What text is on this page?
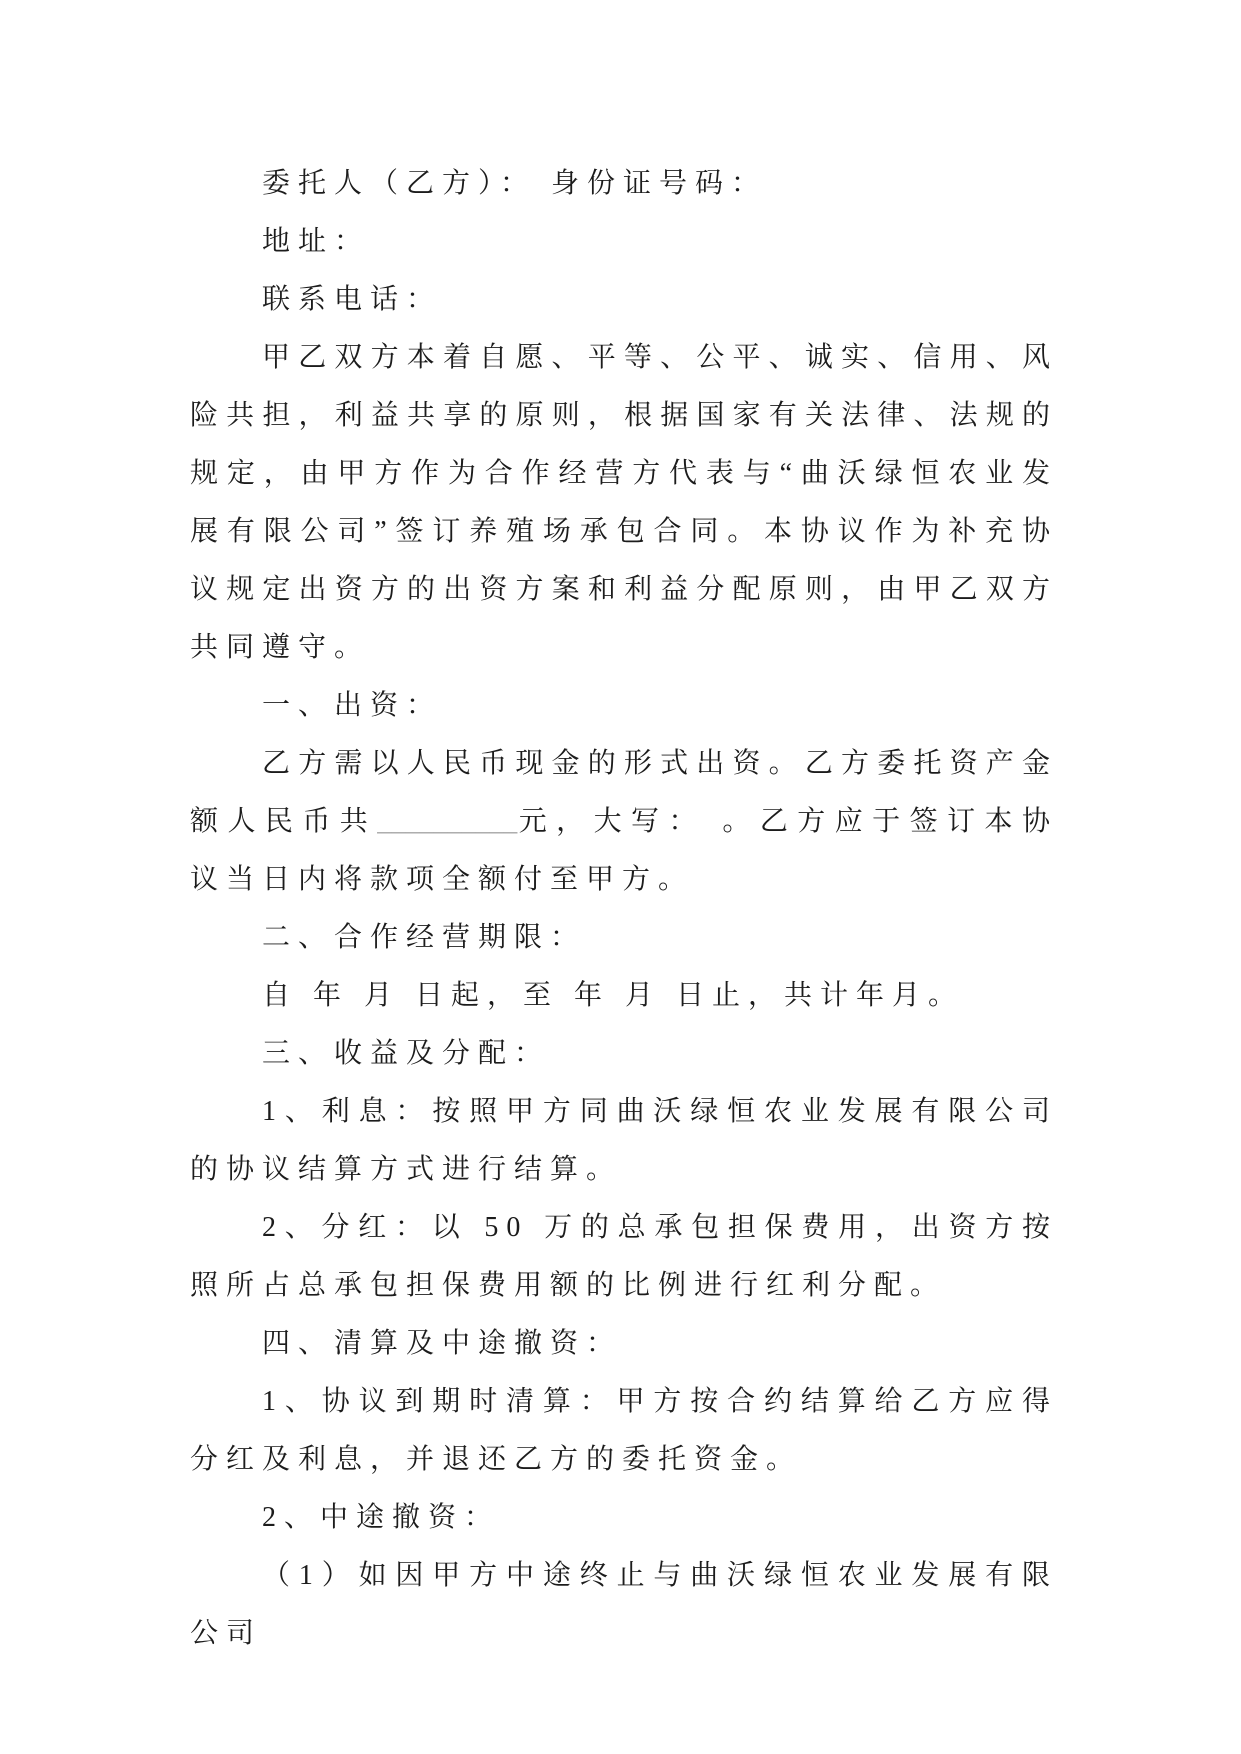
委托人（乙方）： 身份证号码：

地址：

联系电话：

甲乙双方本着自愿、平等、公平、诚实、信用、风险共担，利益共享的原则，根据国家有关法律、法规的规定，由甲方作为合作经营方代表与“曲沃绿恒农业发展有限公司”签订养殖场承包合同。本协议作为补充协议规定出资方的出资方案和利益分配原则，由甲乙双方共同遵守。

一、出资：

乙方需以人民币现金的形式出资。乙方委托资产金额人民币共__________元，大写： 。乙方应于签订本协议当日内将款项全额付至甲方。

二、合作经营期限：

自 年 月 日起，至 年 月 日止，共计年月。

三、收益及分配：

1、利息：按照甲方同曲沃绿恒农业发展有限公司的协议结算方式进行结算。

2、分红：以 50 万的总承包担保费用，出资方按照所占总承包担保费用额的比例进行红利分配。

四、清算及中途撤资：

1、协议到期时清算：甲方按合约结算给乙方应得分红及利息，并退还乙方的委托资金。

2、中途撤资：

（1）如因甲方中途终止与曲沃绿恒农业发展有限公司
